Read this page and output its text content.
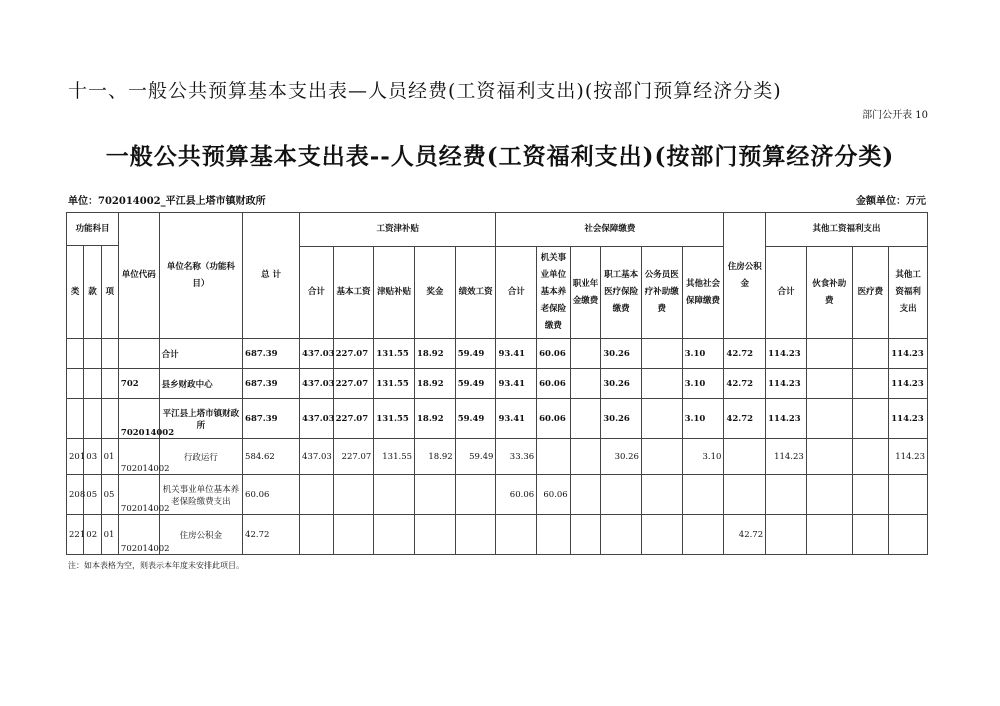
十一、一般公共预算基本支出表—人员经费(工资福利支出)(按部门预算经济分类)
部门公开表 10
一般公共预算基本支出表--人员经费(工资福利支出)(按部门预算经济分类)
单位：702014002_平江县上塔市镇财政所	金额单位：万元
功能科目			单位代码	单位名称（功能科目）	总 计	工资津补贴					社会保障缴费						住房公积金	其他工资福利支出			
类	款	项																			
						合计	基本工资	津贴补贴	奖金	绩效工资	合计	机关事业单位基本养老保险缴费	职业年金缴费	职工基本医疗保险缴费	公务员医疗补助缴费	其他社会保障缴费		合计	伙食补助费	医疗费	其他工资福利支出
				合计	687.39	437.03	227.07	131.55	18.92	59.49	93.41	60.06		30.26		3.10	42.72	114.23			114.23
			702	县乡财政中心	687.39	437.03	227.07	131.55	18.92	59.49	93.41	60.06		30.26		3.10	42.72	114.23			114.23
			702014002	平江县上塔市镇财政所	687.39	437.03	227.07	131.55	18.92	59.49	93.41	60.06		30.26		3.10	42.72	114.23			114.23
201	03	01	702014002	行政运行	584.62	437.03	227.07	131.55	18.92	59.49	33.36			30.26		3.10		114.23			114.23
208	05	05	702014002	机关事业单位基本养老保险缴费支出	60.06						60.06	60.06									
221	02	01	702014002	住房公积金	42.72												42.72				
注：如本表格为空，则表示本年度未安排此项目。
